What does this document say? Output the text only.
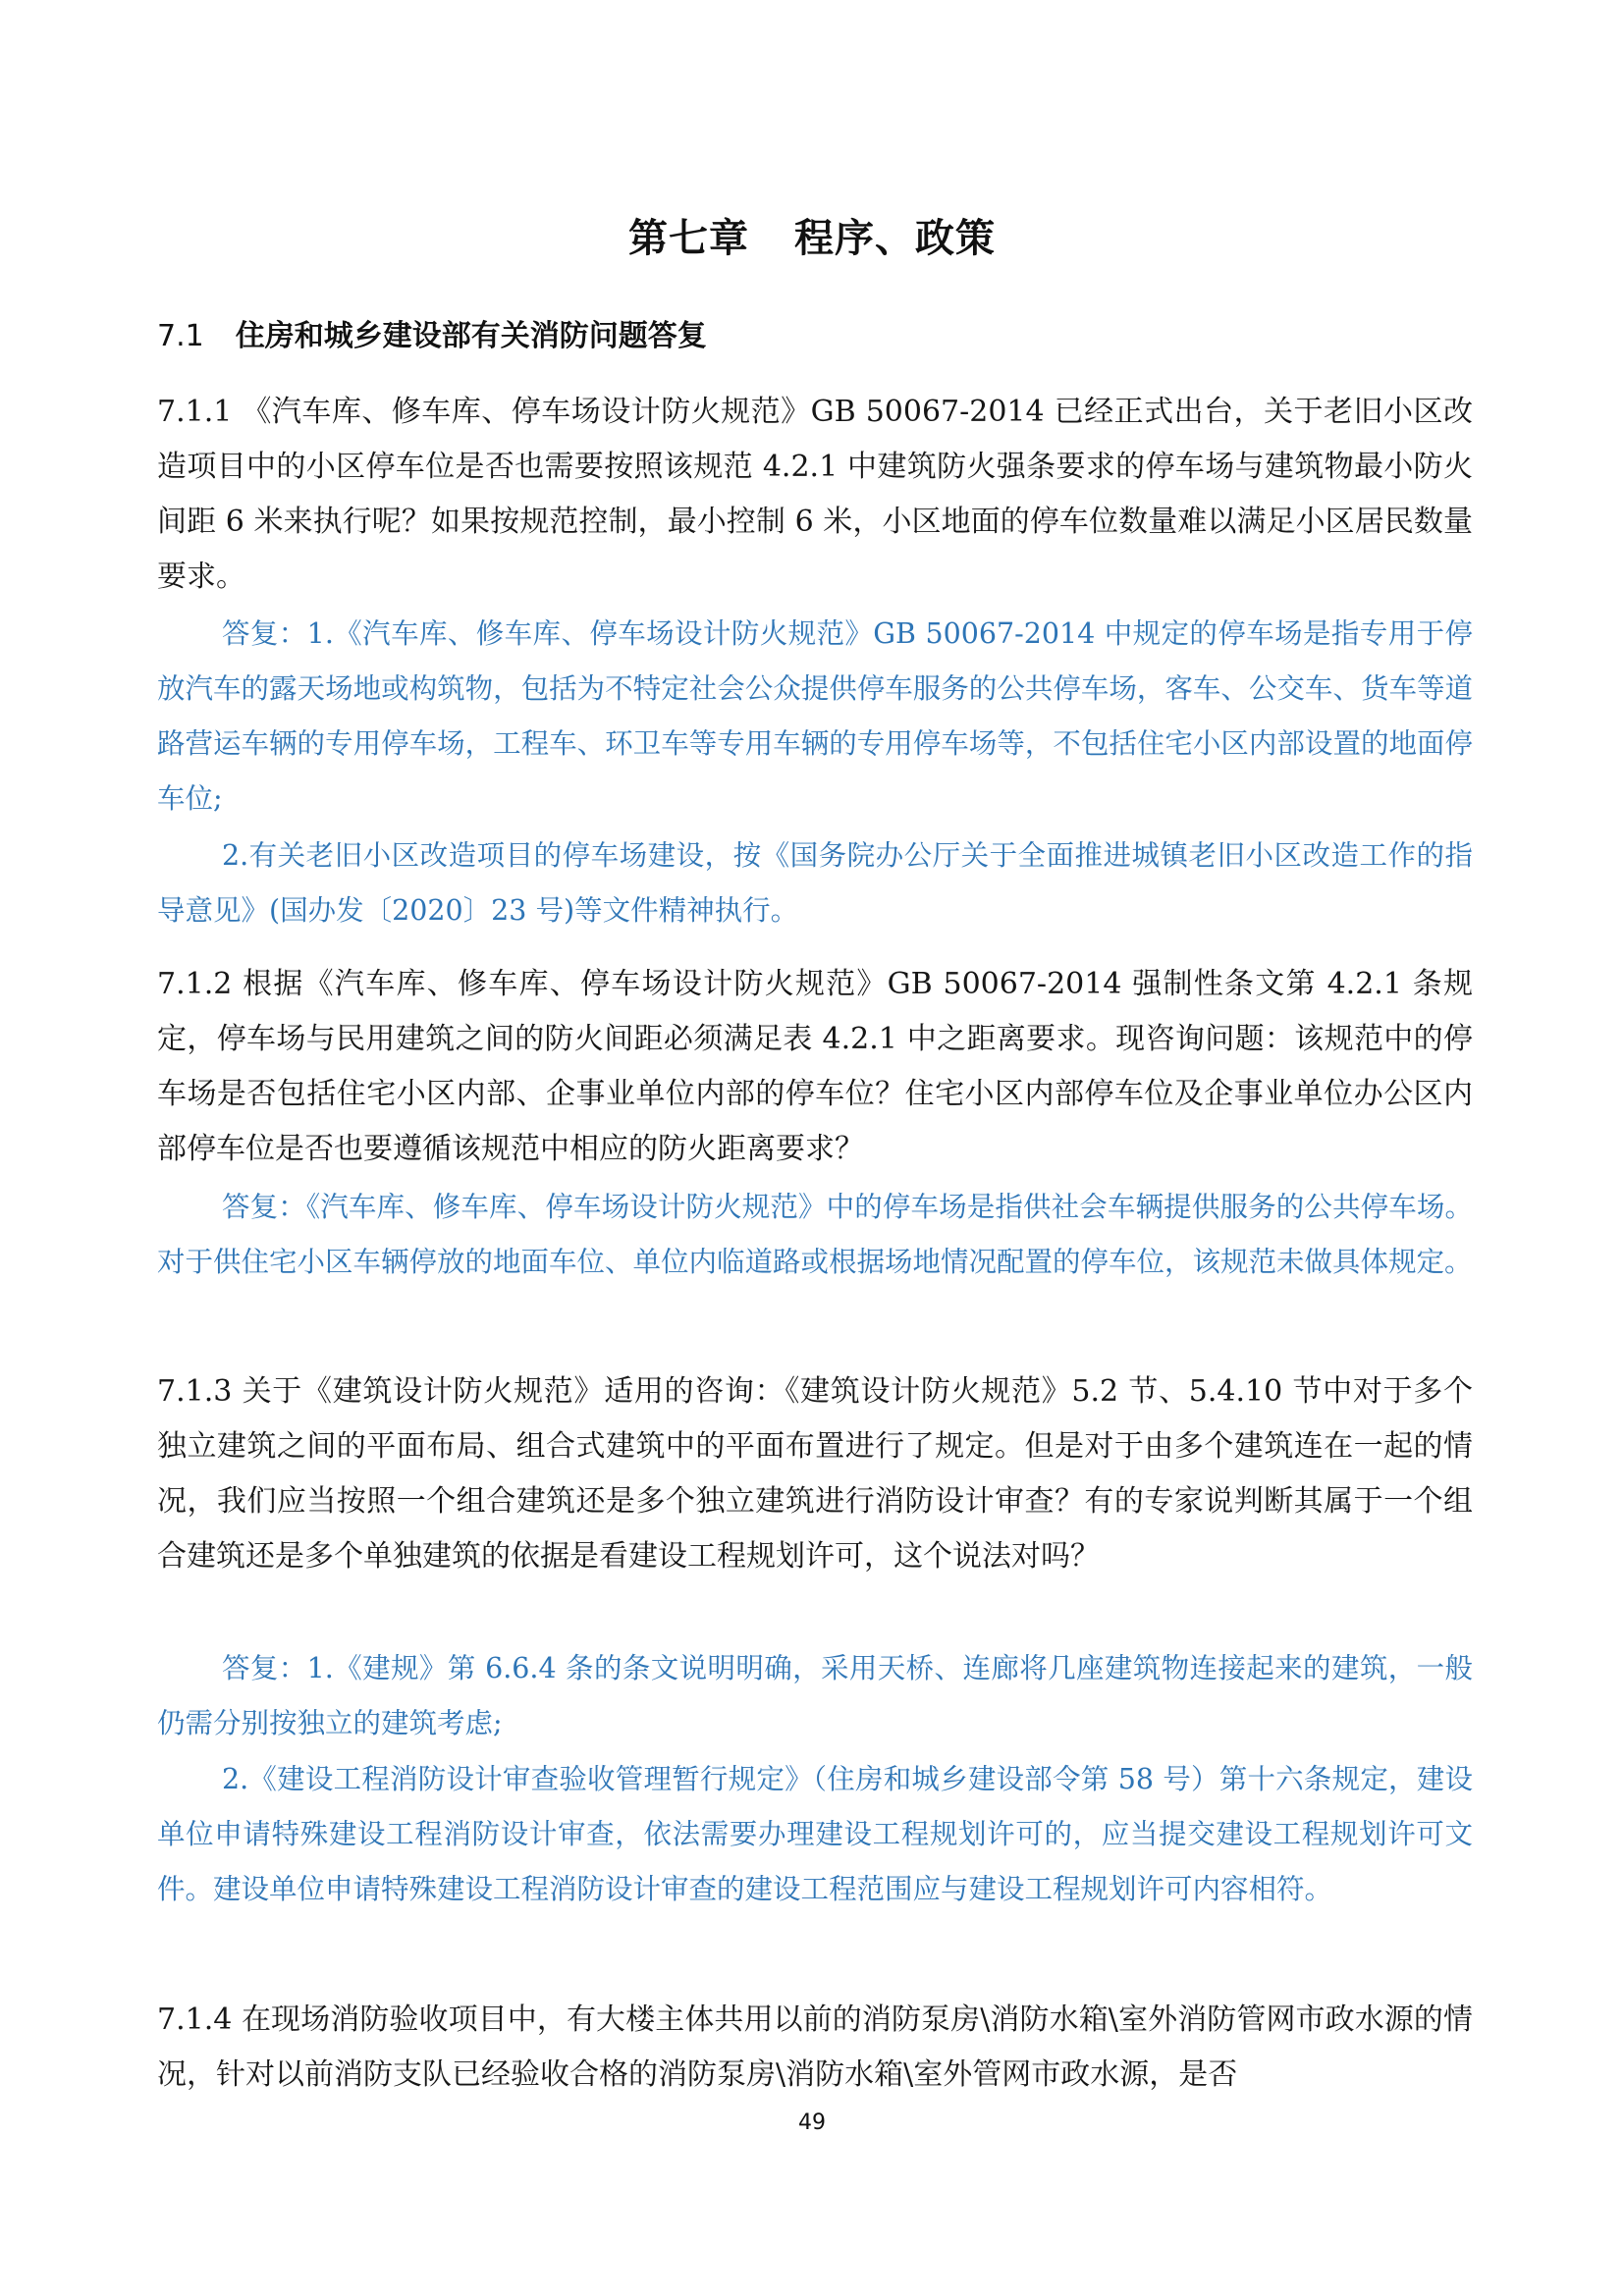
第七章 程序、政策
7.1 住房和城乡建设部有关消防问题答复

7.1.1 《汽车库、修车库、停车场设计防火规范》GB 50067-2014 已经正式出台，关于老旧小区改造项目中的小区停车位是否也需要按照该规范 4.2.1 中建筑防火强条要求的停车场与建筑物最小防火间距 6 米来执行呢？如果按规范控制，最小控制 6 米，小区地面的停车位数量难以满足小区居民数量要求。

答复：1.《汽车库、修车库、停车场设计防火规范》GB 50067-2014 中规定的停车场是指专用于停放汽车的露天场地或构筑物，包括为不特定社会公众提供停车服务的公共停车场，客车、公交车、货车等道路营运车辆的专用停车场，工程车、环卫车等专用车辆的专用停车场等，不包括住宅小区内部设置的地面停车位;

2.有关老旧小区改造项目的停车场建设，按《国务院办公厅关于全面推进城镇老旧小区改造工作的指导意见》(国办发〔2020〕23 号)等文件精神执行。

7.1.2 根据《汽车库、修车库、停车场设计防火规范》GB 50067-2014 强制性条文第 4.2.1 条规定，停车场与民用建筑之间的防火间距必须满足表 4.2.1 中之距离要求。现咨询问题：该规范中的停车场是否包括住宅小区内部、企事业单位内部的停车位？住宅小区内部停车位及企事业单位办公区内部停车位是否也要遵循该规范中相应的防火距离要求？

答复：《汽车库、修车库、停车场设计防火规范》中的停车场是指供社会车辆提供服务的公共停车场。对于供住宅小区车辆停放的地面车位、单位内临道路或根据场地情况配置的停车位，该规范未做具体规定。

7.1.3 关于《建筑设计防火规范》适用的咨询：《建筑设计防火规范》5.2 节、5.4.10 节中对于多个独立建筑之间的平面布局、组合式建筑中的平面布置进行了规定。但是对于由多个建筑连在一起的情况，我们应当按照一个组合建筑还是多个独立建筑进行消防设计审查？有的专家说判断其属于一个组合建筑还是多个单独建筑的依据是看建设工程规划许可，这个说法对吗？

答复：1.《建规》第 6.6.4 条的条文说明明确，采用天桥、连廊将几座建筑物连接起来的建筑，一般仍需分别按独立的建筑考虑;

2.《建设工程消防设计审查验收管理暂行规定》（住房和城乡建设部令第 58 号）第十六条规定，建设单位申请特殊建设工程消防设计审查，依法需要办理建设工程规划许可的，应当提交建设工程规划许可文件。建设单位申请特殊建设工程消防设计审查的建设工程范围应与建设工程规划许可内容相符。

7.1.4 在现场消防验收项目中，有大楼主体共用以前的消防泵房\消防水箱\室外消防管网市政水源的情况，针对以前消防支队已经验收合格的消防泵房\消防水箱\室外管网市政水源，是否

49
